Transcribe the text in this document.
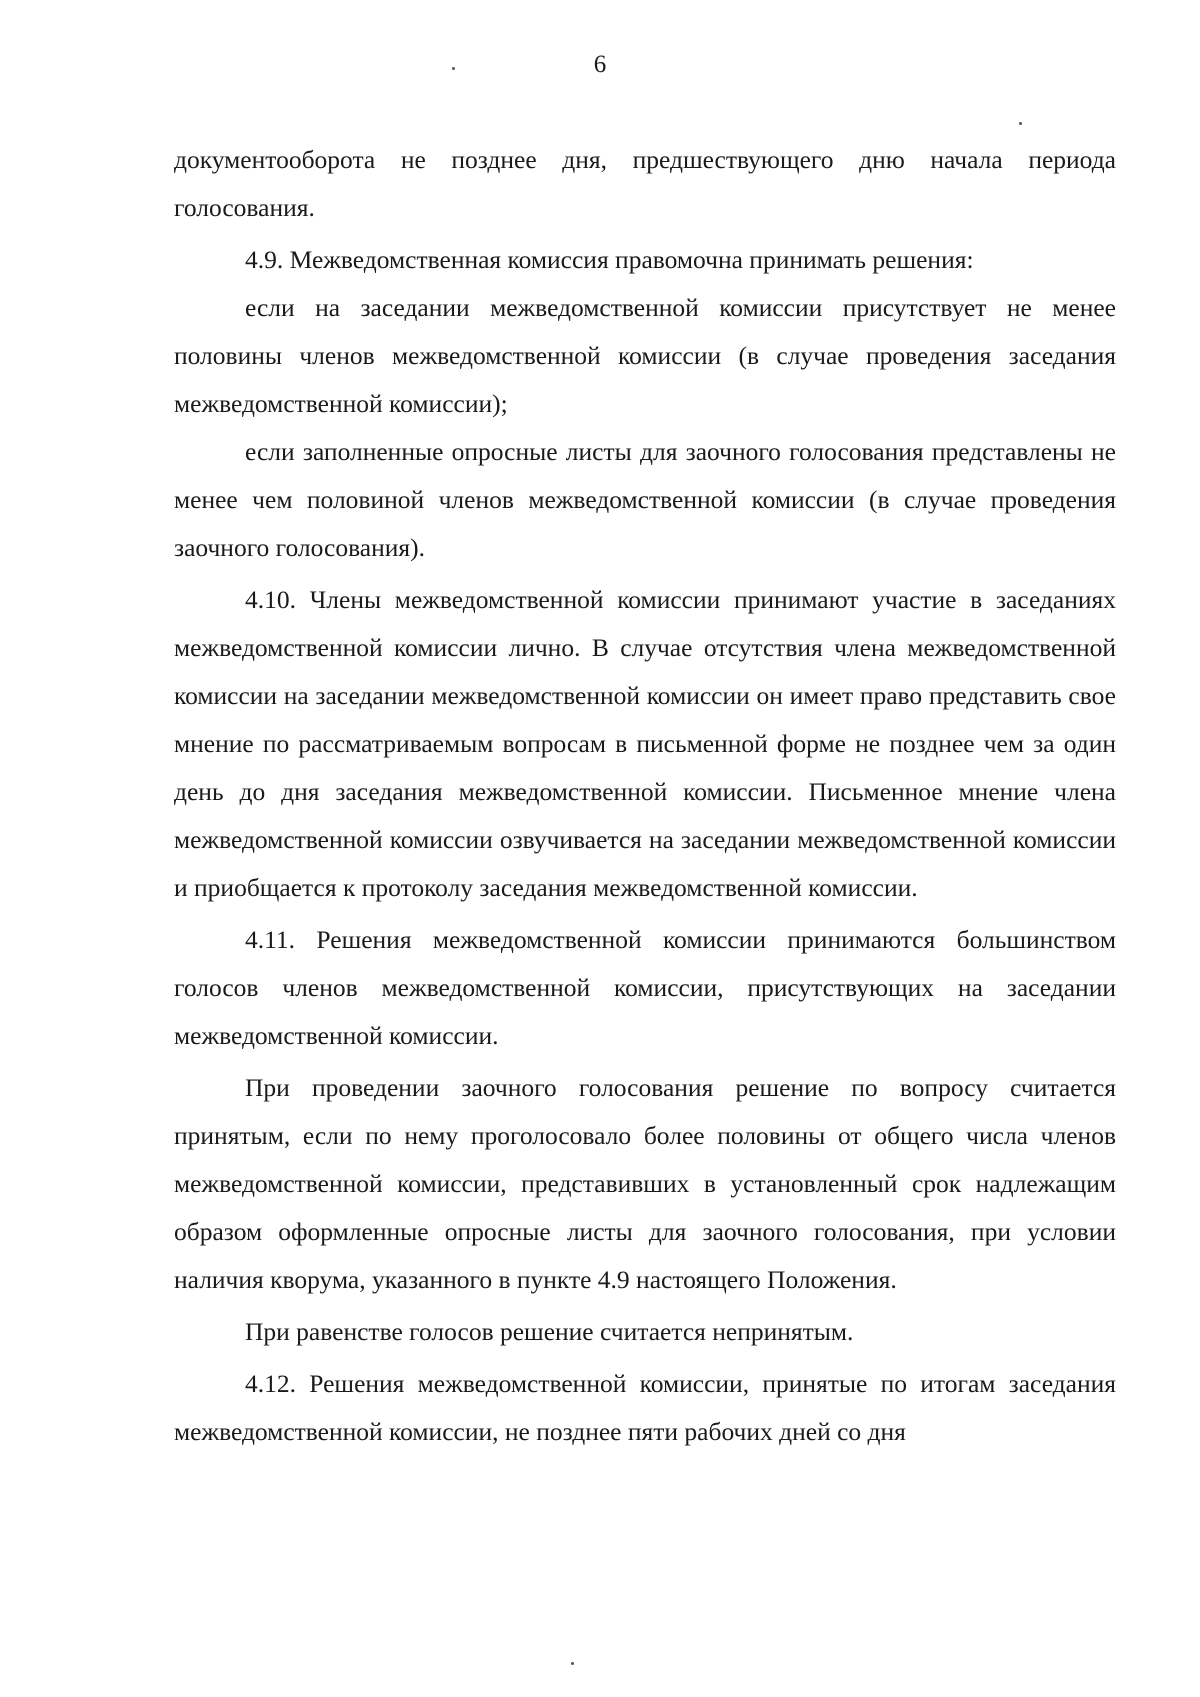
6

документооборота не позднее дня, предшествующего дню начала периода голосования.

4.9. Межведомственная комиссия правомочна принимать решения:

если на заседании межведомственной комиссии присутствует не менее половины членов межведомственной комиссии (в случае проведения заседания межведомственной комиссии);

если заполненные опросные листы для заочного голосования представлены не менее чем половиной членов межведомственной комиссии (в случае проведения заочного голосования).

4.10. Члены межведомственной комиссии принимают участие в заседаниях межведомственной комиссии лично. В случае отсутствия члена межведомственной комиссии на заседании межведомственной комиссии он имеет право представить свое мнение по рассматриваемым вопросам в письменной форме не позднее чем за один день до дня заседания межведомственной комиссии. Письменное мнение члена межведомственной комиссии озвучивается на заседании межведомственной комиссии и приобщается к протоколу заседания межведомственной комиссии.

4.11. Решения межведомственной комиссии принимаются большинством голосов членов межведомственной комиссии, присутствующих на заседании межведомственной комиссии.

При проведении заочного голосования решение по вопросу считается принятым, если по нему проголосовало более половины от общего числа членов межведомственной комиссии, представивших в установленный срок надлежащим образом оформленные опросные листы для заочного голосования, при условии наличия кворума, указанного в пункте 4.9 настоящего Положения.

При равенстве голосов решение считается непринятым.

4.12. Решения межведомственной комиссии, принятые по итогам заседания межведомственной комиссии, не позднее пяти рабочих дней со дня
